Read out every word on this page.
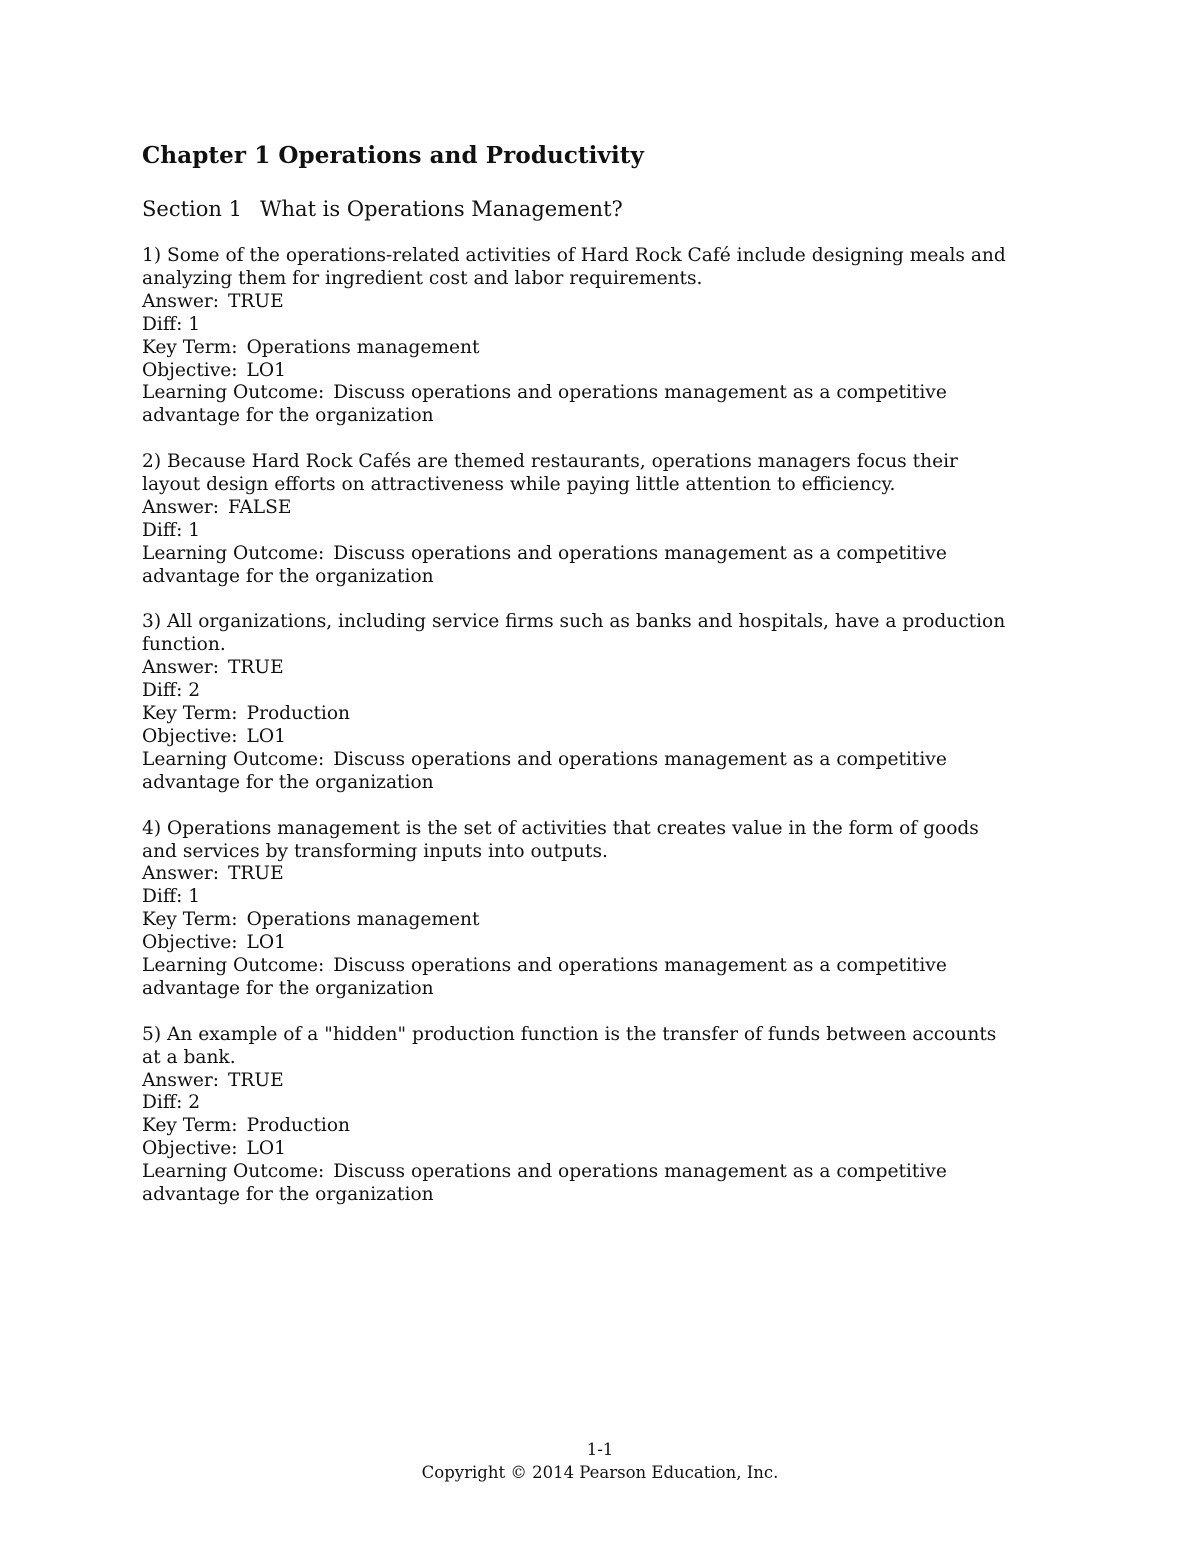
Chapter 1 Operations and Productivity
Section 1 What is Operations Management?
1) Some of the operations-related activities of Hard Rock Café include designing meals and
analyzing them for ingredient cost and labor requirements.
Answer: TRUE
Diff: 1
Key Term: Operations management
Objective: LO1
Learning Outcome: Discuss operations and operations management as a competitive
advantage for the organization
2) Because Hard Rock Cafés are themed restaurants, operations managers focus their
layout design efforts on attractiveness while paying little attention to efficiency.
Answer: FALSE
Diff: 1
Learning Outcome: Discuss operations and operations management as a competitive
advantage for the organization
3) All organizations, including service firms such as banks and hospitals, have a production
function.
Answer: TRUE
Diff: 2
Key Term: Production
Objective: LO1
Learning Outcome: Discuss operations and operations management as a competitive
advantage for the organization
4) Operations management is the set of activities that creates value in the form of goods
and services by transforming inputs into outputs.
Answer: TRUE
Diff: 1
Key Term: Operations management
Objective: LO1
Learning Outcome: Discuss operations and operations management as a competitive
advantage for the organization
5) An example of a "hidden" production function is the transfer of funds between accounts
at a bank.
Answer: TRUE
Diff: 2
Key Term: Production
Objective: LO1
Learning Outcome: Discuss operations and operations management as a competitive
advantage for the organization
1-1
Copyright © 2014 Pearson Education, Inc.
